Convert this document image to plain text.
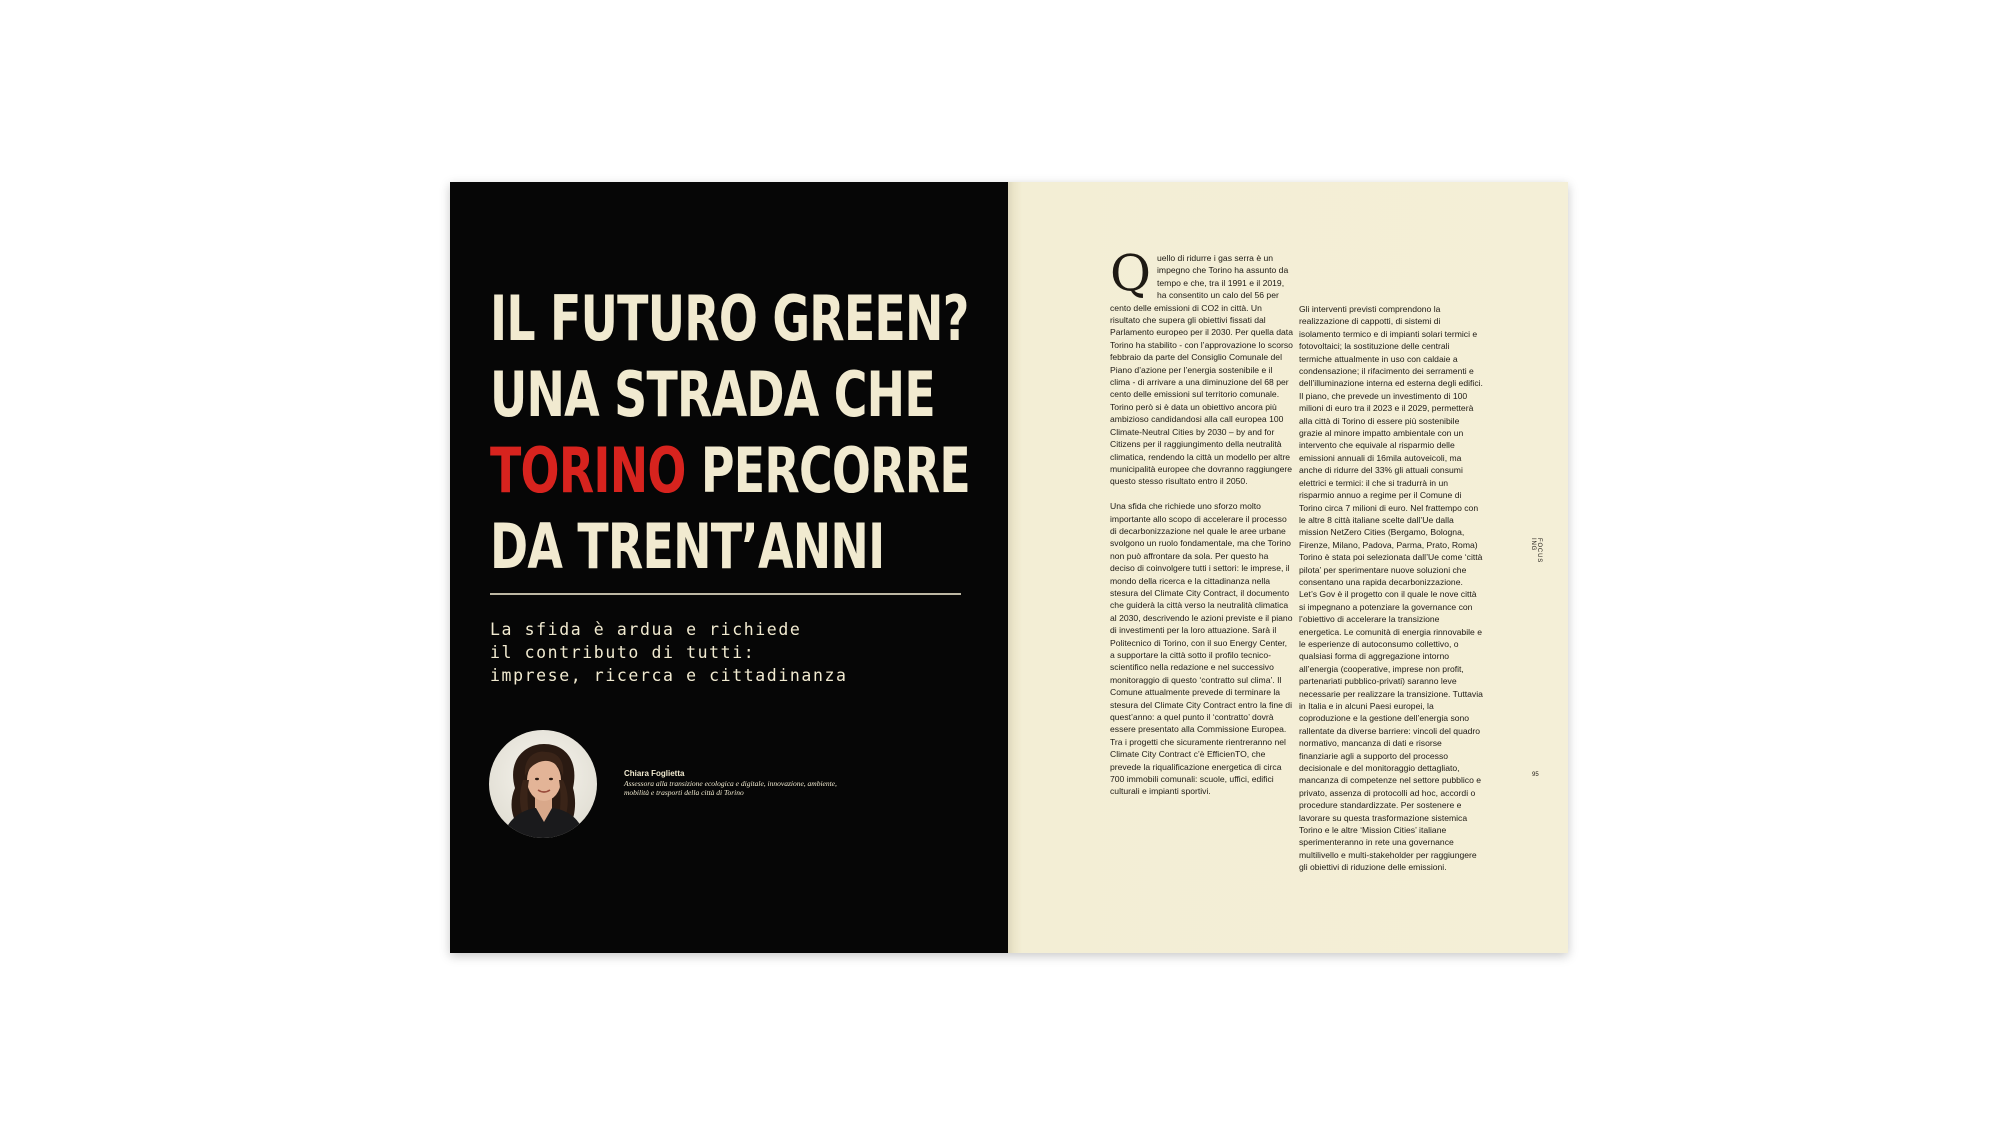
IL FUTURO GREEN?
UNA STRADA CHE
TORINO PERCORRE
DA TRENT’ANNI

La sfida è ardua e richiede
il contributo di tutti:
imprese, ricerca e cittadinanza

Chiara Foglietta
Assessora alla transizione ecologica e digitale, innovazione, ambiente, mobilità e trasporti della città di Torino
Q uello di ridurre i gas serra è un impegno che Torino ha assunto da tempo e che, tra il 1991 e il 2019, ha consentito un calo del 56 per cento delle emissioni di CO2 in città. Un risultato che supera gli obiettivi fissati dal Parlamento europeo per il 2030. Per quella data Torino ha stabilito - con l’approvazione lo scorso febbraio da parte del Consiglio Comunale del Piano d’azione per l’energia sostenibile e il clima - di arrivare a una diminuzione del 68 per cento delle emissioni sul territorio comunale. Torino però si è data un obiettivo ancora più ambizioso candidandosi alla call europea 100 Climate-Neutral Cities by 2030 – by and for Citizens per il raggiungimento della neutralità climatica, rendendo la città un modello per altre municipalità europee che dovranno raggiungere questo stesso risultato entro il 2050.

Una sfida che richiede uno sforzo molto importante allo scopo di accelerare il processo di decarbonizzazione nel quale le aree urbane svolgono un ruolo fondamentale, ma che Torino non può affrontare da sola. Per questo ha deciso di coinvolgere tutti i settori: le imprese, il mondo della ricerca e la cittadinanza nella stesura del Climate City Contract, il documento che guiderà la città verso la neutralità climatica al 2030, descrivendo le azioni previste e il piano di investimenti per la loro attuazione. Sarà il Politecnico di Torino, con il suo Energy Center, a supportare la città sotto il profilo tecnico-scientifico nella redazione e nel successivo monitoraggio di questo ‘contratto sul clima’. Il Comune attualmente prevede di terminare la stesura del Climate City Contract entro la fine di quest’anno: a quel punto il ‘contratto’ dovrà essere presentato alla Commissione Europea. Tra i progetti che sicuramente rientreranno nel Climate City Contract c’è EfficienTO, che prevede la riqualificazione energetica di circa 700 immobili comunali: scuole, uffici, edifici culturali e impianti sportivi.

Gli interventi previsti comprendono la realizzazione di cappotti, di sistemi di isolamento termico e di impianti solari termici e fotovoltaici; la sostituzione delle centrali termiche attualmente in uso con caldaie a condensazione; il rifacimento dei serramenti e dell’illuminazione interna ed esterna degli edifici. Il piano, che prevede un investimento di 100 milioni di euro tra il 2023 e il 2029, permetterà alla città di Torino di essere più sostenibile grazie al minore impatto ambientale con un intervento che equivale al risparmio delle emissioni annuali di 16mila autoveicoli, ma anche di ridurre del 33% gli attuali consumi elettrici e termici: il che si tradurrà in un risparmio annuo a regime per il Comune di Torino circa 7 milioni di euro. Nel frattempo con le altre 8 città italiane scelte dall’Ue dalla mission NetZero Cities (Bergamo, Bologna, Firenze, Milano, Padova, Parma, Prato, Roma) Torino è stata poi selezionata dall’Ue come ‘città pilota’ per sperimentare nuove soluzioni che consentano una rapida decarbonizzazione. Let’s Gov è il progetto con il quale le nove città si impegnano a potenziare la governance con l’obiettivo di accelerare la transizione energetica. Le comunità di energia rinnovabile e le esperienze di autoconsumo collettivo, o qualsiasi forma di aggregazione intorno all’energia (cooperative, imprese non profit, partenariati pubblico-privati) saranno leve necessarie per realizzare la transizione. Tuttavia in Italia e in alcuni Paesi europei, la coproduzione e la gestione dell’energia sono rallentate da diverse barriere: vincoli del quadro normativo, mancanza di dati e risorse finanziarie agli a supporto del processo decisionale e del monitoraggio dettagliato, mancanza di competenze nel settore pubblico e privato, assenza di protocolli ad hoc, accordi o procedure standardizzate. Per sostenere e lavorare su questa trasformazione sistemica Torino e le altre ‘Mission Cities’ italiane sperimenteranno in rete una governance multilivello e multi-stakeholder per raggiungere gli obiettivi di riduzione delle emissioni.

FOCUS ING
95
